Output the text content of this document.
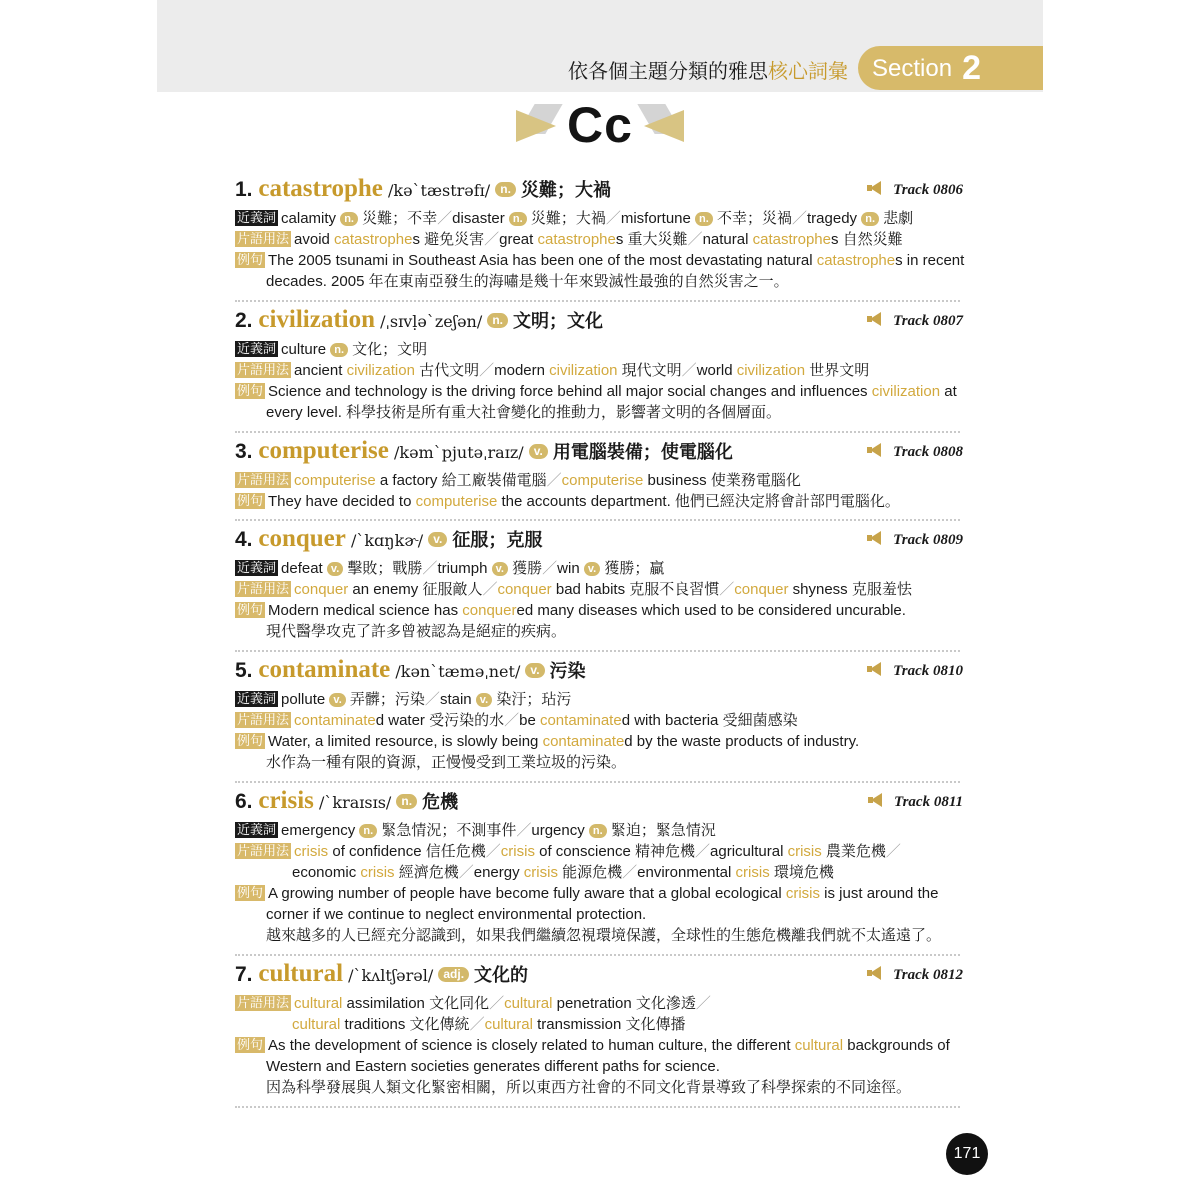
依各個主題分類的雅思核心詞彙	Section 2
Cc
1. catastrophe /kəˋtæstrəfɪ/ n. 災難；大禍	Track 0806
近義詞 calamity n. 災難；不幸／disaster n. 災難；大禍／misfortune n. 不幸；災禍／tragedy n. 悲劇
片語用法 avoid catastrophes 避免災害／great catastrophes 重大災難／natural catastrophes 自然災難
例句 The 2005 tsunami in Southeast Asia has been one of the most devastating natural catastrophes in recent
decades. 2005 年在東南亞發生的海嘯是幾十年來毀滅性最強的自然災害之一。
2. civilization /ˌsɪvḷəˋzeʃən/ n. 文明；文化	Track 0807
近義詞 culture n. 文化；文明
片語用法 ancient civilization 古代文明／modern civilization 現代文明／world civilization 世界文明
例句 Science and technology is the driving force behind all major social changes and influences civilization at
every level. 科學技術是所有重大社會變化的推動力，影響著文明的各個層面。
3. computerise /kəmˋpjutəˌraɪz/ v. 用電腦裝備；使電腦化	Track 0808
片語用法 computerise a factory 給工廠裝備電腦／computerise business 使業務電腦化
例句 They have decided to computerise the accounts department. 他們已經決定將會計部門電腦化。
4. conquer /ˋkɑŋkɚ/ v. 征服；克服	Track 0809
近義詞 defeat v. 擊敗；戰勝／triumph v. 獲勝／win v. 獲勝；贏
片語用法 conquer an enemy 征服敵人／conquer bad habits 克服不良習慣／conquer shyness 克服羞怯
例句 Modern medical science has conquered many diseases which used to be considered uncurable.
現代醫學攻克了許多曾被認為是絕症的疾病。
5. contaminate /kənˋtæməˌnet/ v. 污染	Track 0810
近義詞 pollute v. 弄髒；污染／stain v. 染汙；玷污
片語用法 contaminated water 受污染的水／be contaminated with bacteria 受細菌感染
例句 Water, a limited resource, is slowly being contaminated by the waste products of industry.
水作為一種有限的資源，正慢慢受到工業垃圾的污染。
6. crisis /ˋkraɪsɪs/ n. 危機	Track 0811
近義詞 emergency n. 緊急情況；不測事件／urgency n. 緊迫；緊急情況
片語用法 crisis of confidence 信任危機／crisis of conscience 精神危機／agricultural crisis 農業危機／
economic crisis 經濟危機／energy crisis 能源危機／environmental crisis 環境危機
例句 A growing number of people have become fully aware that a global ecological crisis is just around the
corner if we continue to neglect environmental protection.
越來越多的人已經充分認識到，如果我們繼續忽視環境保護，全球性的生態危機離我們就不太遙遠了。
7. cultural /ˋkʌltʃərəl/ adj. 文化的	Track 0812
片語用法 cultural assimilation 文化同化／cultural penetration 文化滲透／
cultural traditions 文化傳統／cultural transmission 文化傳播
例句 As the development of science is closely related to human culture, the different cultural backgrounds of
Western and Eastern societies generates different paths for science.
因為科學發展與人類文化緊密相關，所以東西方社會的不同文化背景導致了科學探索的不同途徑。
171
